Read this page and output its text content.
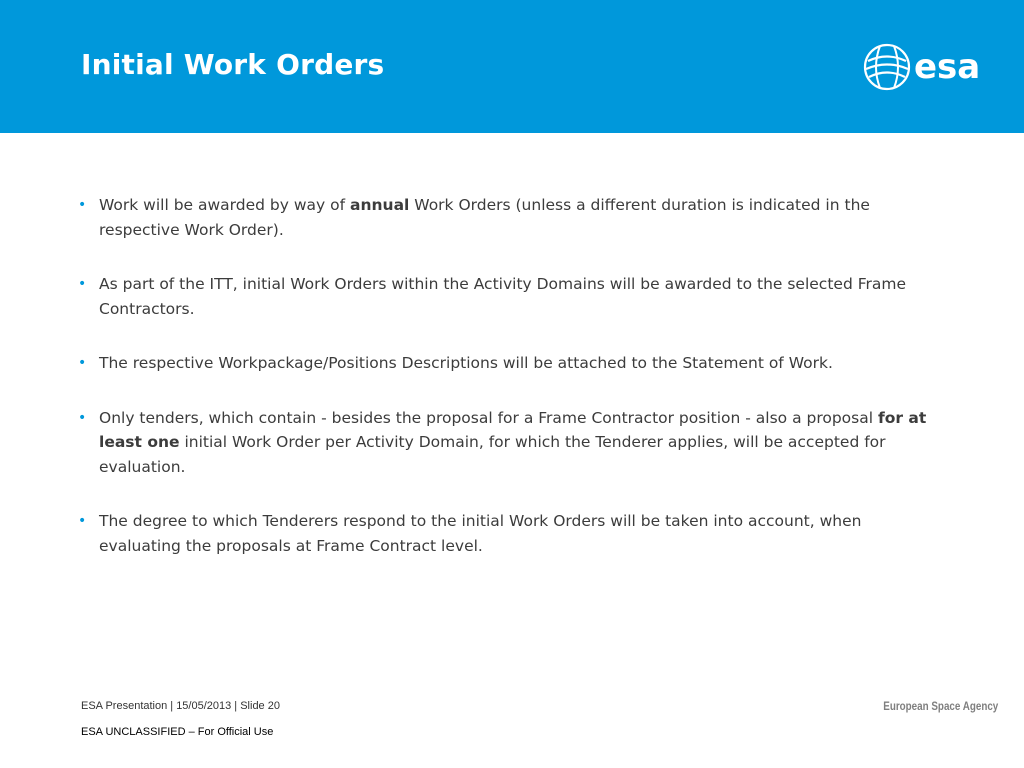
Initial Work Orders	esa
• Work will be awarded by way of annual Work Orders (unless a different duration is indicated in the respective Work Order).
• As part of the ITT, initial Work Orders within the Activity Domains will be awarded to the selected Frame Contractors.
• The respective Workpackage/Positions Descriptions will be attached to the Statement of Work.
• Only tenders, which contain - besides the proposal for a Frame Contractor position - also a proposal for at least one initial Work Order per Activity Domain, for which the Tenderer applies, will be accepted for evaluation.
• The degree to which Tenderers respond to the initial Work Orders will be taken into account, when evaluating the proposals at Frame Contract level.
ESA Presentation | 15/05/2013 | Slide 20
ESA UNCLASSIFIED – For Official Use
European Space Agency
